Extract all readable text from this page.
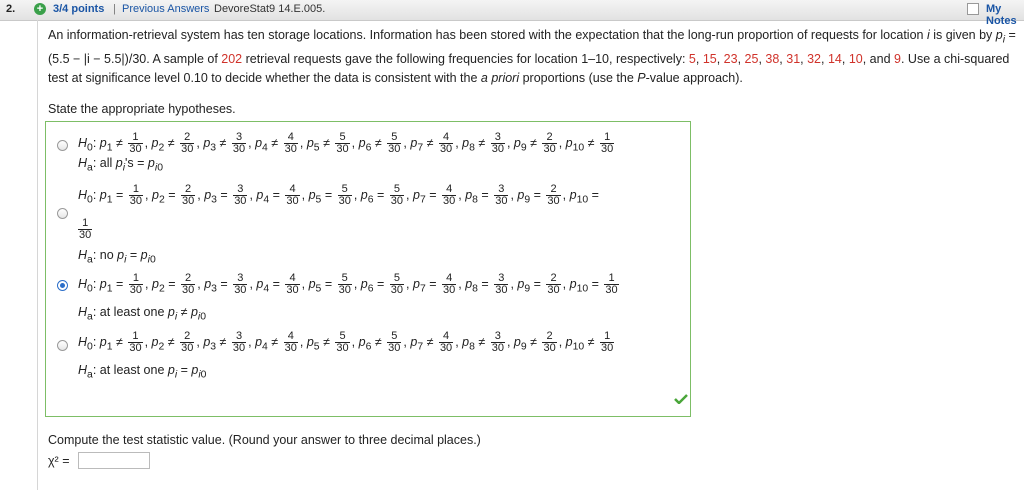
2. + 3/4 points | Previous Answers DevoreStat9 14.E.005.	My Notes
An information-retrieval system has ten storage locations. Information has been stored with the expectation that the long-run proportion of requests for location i is given by $p_i = (5.5 - |i - 5.5|)/30$. A sample of 202 retrieval requests gave the following frequencies for location 1–10, respectively: 5, 15, 23, 25, 38, 31, 32, 14, 10, and 9. Use a chi-squared test at significance level 0.10 to decide whether the data is consistent with the a priori proportions (use the P-value approach).
State the appropriate hypotheses.
$H_0$: $p_1 \ne \frac{1}{30}$ , $p_2 \ne \frac{2}{30}$ , $p_3 \ne \frac{3}{30}$ , $p_4 \ne \frac{4}{30}$ , $p_5 \ne \frac{5}{30}$ , $p_6 \ne \frac{5}{30}$ , $p_7 \ne \frac{4}{30}$ , $p_8 \ne \frac{3}{30}$ , $p_9 \ne \frac{2}{30}$ , $p_{10} \ne \frac{1}{30}$
$H_a$: all $p_i's = p_{i0}$
$H_0$: $p_1 = \frac{1}{30}$ , $p_2 = \frac{2}{30}$ , $p_3 = \frac{3}{30}$ , $p_4 = \frac{4}{30}$ , $p_5 = \frac{5}{30}$ , $p_6 = \frac{5}{30}$ , $p_7 = \frac{4}{30}$ , $p_8 = \frac{3}{30}$ , $p_9 = \frac{2}{30}$ , $p_{10}$ =
$\frac{1}{30}$
$H_a$: no $p_i = p_{i0}$
$H_0$: $p_1 = \frac{1}{30}$ , $p_2 = \frac{2}{30}$ , $p_3 = \frac{3}{30}$ , $p_4 = \frac{4}{30}$ , $p_5 = \frac{5}{30}$ , $p_6 = \frac{5}{30}$ , $p_7 = \frac{4}{30}$ , $p_8 = \frac{3}{30}$ , $p_9 = \frac{2}{30}$ , $p_{10} = \frac{1}{30}$
$H_a$: at least one $p_i \ne p_{i0}$
$H_0$: $p_1 \ne \frac{1}{30}$ , $p_2 \ne \frac{2}{30}$ , $p_3 \ne \frac{3}{30}$ , $p_4 \ne \frac{4}{30}$ , $p_5 \ne \frac{5}{30}$ , $p_6 \ne \frac{5}{30}$ , $p_7 \ne \frac{4}{30}$ , $p_8 \ne \frac{3}{30}$ , $p_9 \ne \frac{2}{30}$ , $p_{10} \ne \frac{1}{30}$
$H_a$: at least one $p_i = p_{i0}$
Compute the test statistic value. (Round your answer to three decimal places.)
χ² =
